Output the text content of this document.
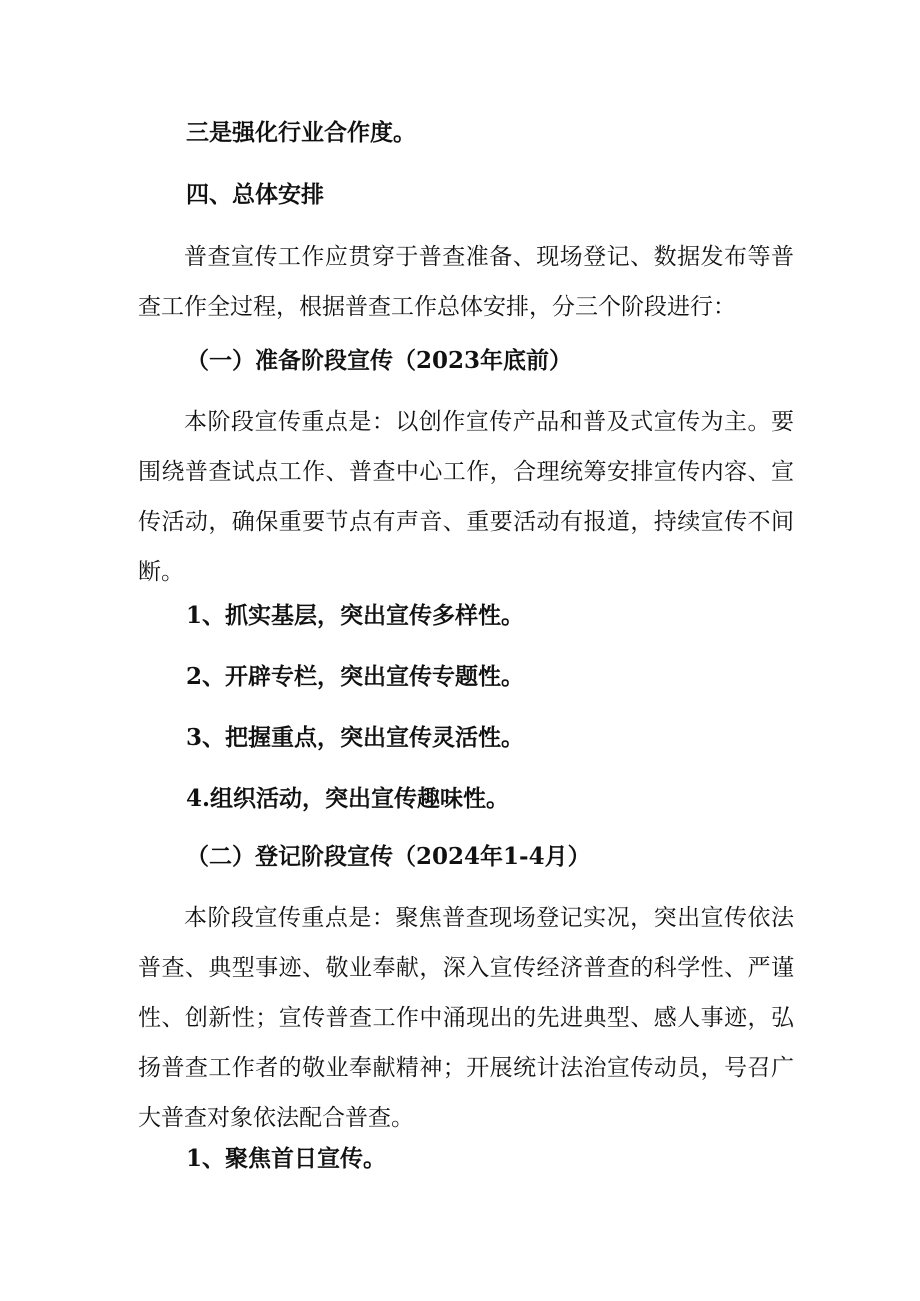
三是强化行业合作度。
四、总体安排

普查宣传工作应贯穿于普查准备、现场登记、数据发布等普查工作全过程，根据普查工作总体安排，分三个阶段进行：

（一）准备阶段宣传（2023年底前）

本阶段宣传重点是：以创作宣传产品和普及式宣传为主。要围绕普查试点工作、普查中心工作，合理统筹安排宣传内容、宣传活动，确保重要节点有声音、重要活动有报道，持续宣传不间断。

1、抓实基层，突出宣传多样性。
2、开辟专栏，突出宣传专题性。
3、把握重点，突出宣传灵活性。
4.组织活动，突出宣传趣味性。
（二）登记阶段宣传（2024年1-4月）

本阶段宣传重点是：聚焦普查现场登记实况，突出宣传依法普查、典型事迹、敬业奉献，深入宣传经济普查的科学性、严谨性、创新性；宣传普查工作中涌现出的先进典型、感人事迹，弘扬普查工作者的敬业奉献精神；开展统计法治宣传动员，号召广大普查对象依法配合普查。

1、聚焦首日宣传。
